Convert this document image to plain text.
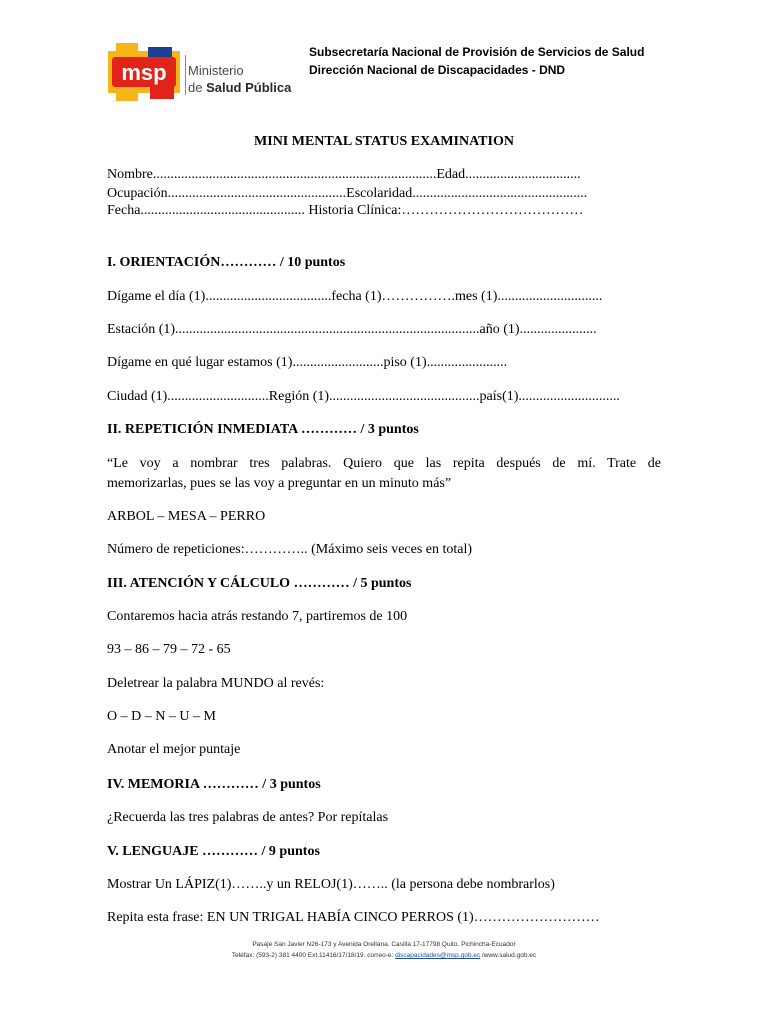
msp Ministerio
de Salud Pública
Subsecretaría Nacional de Provisión de Servicios de Salud
Dirección Nacional de Discapacidades - DND
MINI MENTAL STATUS EXAMINATION
Nombre.................................................................................Edad.................................
Ocupación...................................................Escolaridad..................................................
Fecha............................................... Historia Clínica:…………………………………
I. ORIENTACIÓN………… / 10 puntos
Dígame el día (1)....................................fecha (1)…………….mes (1)..............................
Estación (1).......................................................................................año (1)......................
Dígame en qué lugar estamos (1)..........................piso (1).......................
Ciudad (1).............................Región (1)...........................................país(1).............................
II. REPETICIÓN INMEDIATA ………… / 3 puntos
“Le voy a nombrar tres palabras. Quiero que las repita después de mí. Trate de
memorizarlas, pues se las voy a preguntar en un minuto más”
ARBOL – MESA – PERRO
Número de repeticiones:………….. (Máximo seis veces en total)
III. ATENCIÓN Y CÁLCULO ………… / 5 puntos
Contaremos hacia atrás restando 7, partiremos de 100
93 – 86 – 79 – 72 - 65
Deletrear la palabra MUNDO al revés:
O – D – N – U – M
Anotar el mejor puntaje
IV. MEMORIA ………… / 3 puntos
¿Recuerda las tres palabras de antes? Por repítalas
V. LENGUAJE ………… / 9 puntos
Mostrar Un LÁPIZ(1)……..y un RELOJ(1)…….. (la persona debe nombrarlos)
Repita esta frase: EN UN TRIGAL HABÍA CINCO PERROS (1)………………………
Pasaje San Javier N26-173 y Avenida Orellana. Casilla 17-17798 Quito. Pichincha-Ecuador
Teléfax: (593-2) 381 4400 Ext.11416/17/18/19. correo-e: discapacidades@msp.gob.ec /www.salud.gob.ec
